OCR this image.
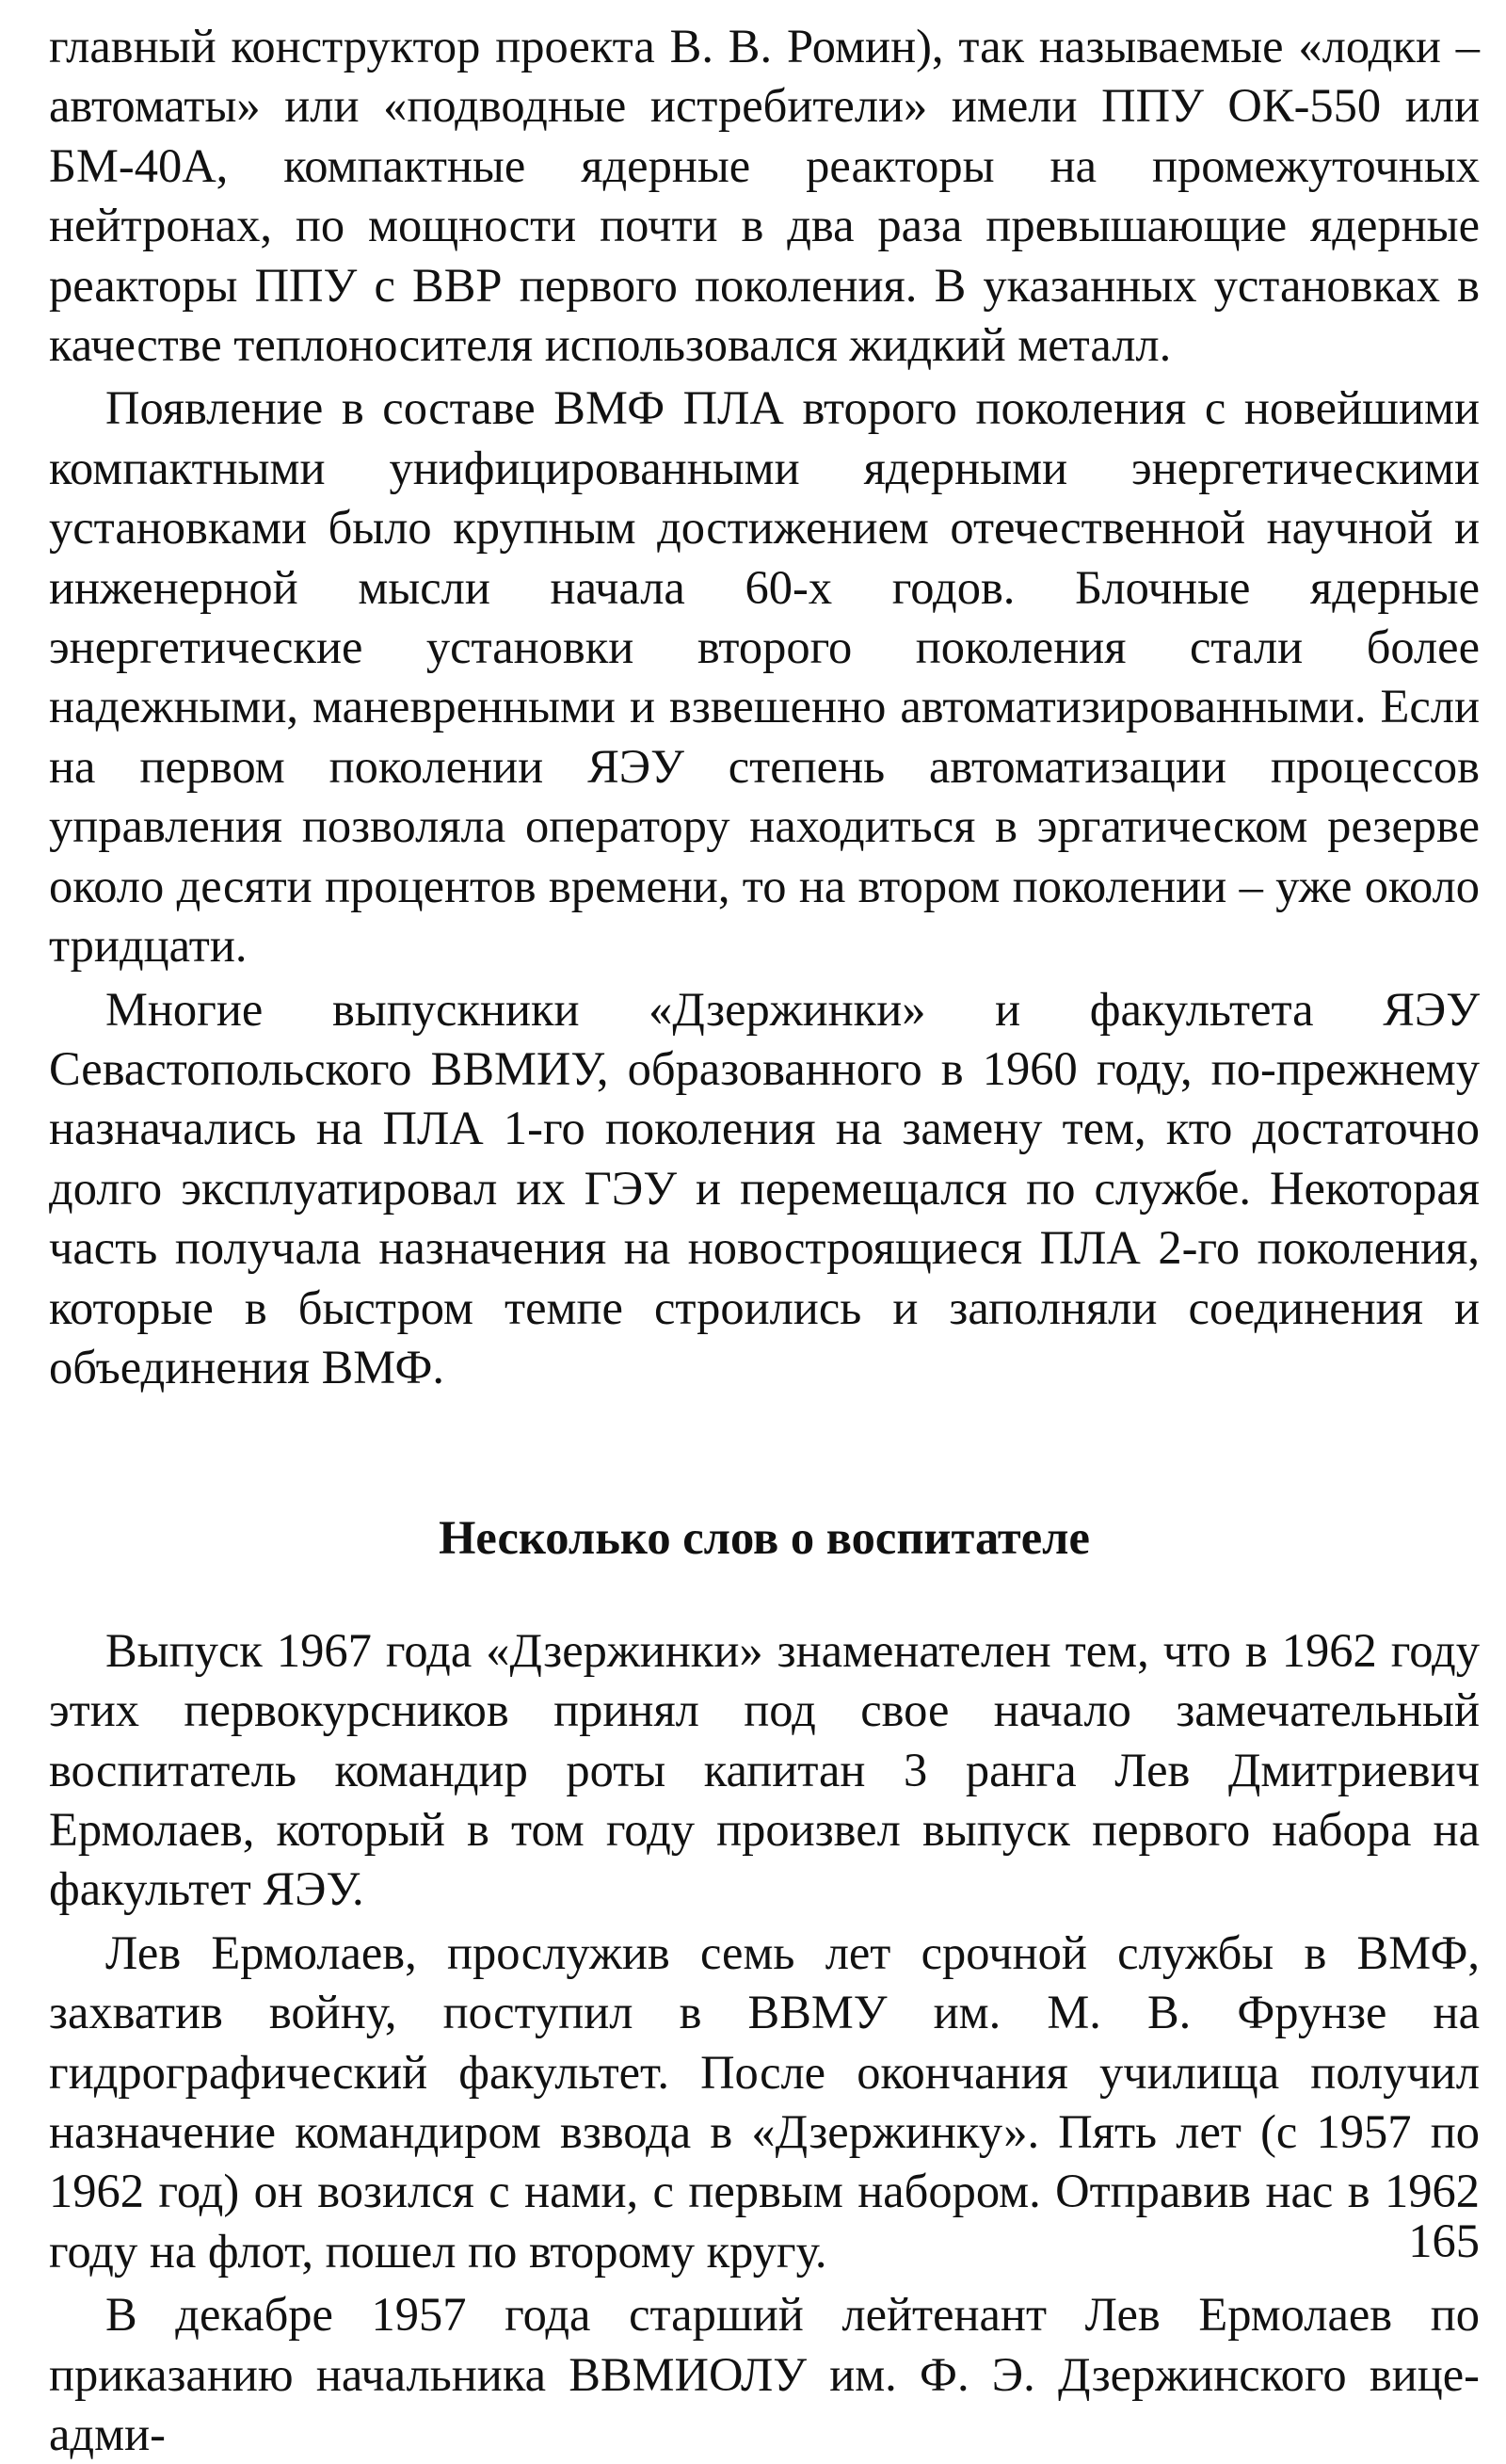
главный конструктор проекта В. В. Ромин), так называемые «лодки – автоматы» или «подводные истребители» имели ППУ ОК-550 или БМ-40А, компактные ядерные реакторы на промежуточных нейтронах, по мощности почти в два раза превышающие ядерные реакторы ППУ с ВВР первого поколения. В указанных установках в качестве теплоносителя использовался жидкий металл.

Появление в составе ВМФ ПЛА второго поколения с новейшими компактными унифицированными ядерными энергетическими установками было крупным достижением отечественной научной и инженерной мысли начала 60-х годов. Блочные ядерные энергетические установки второго поколения стали более надежными, маневренными и взвешенно автоматизированными. Если на первом поколении ЯЭУ степень автоматизации процессов управления позволяла оператору находиться в эргатическом резерве около десяти процентов времени, то на втором поколении – уже около тридцати.

Многие выпускники «Дзержинки» и факультета ЯЭУ Севастопольского ВВМИУ, образованного в 1960 году, по-прежнему назначались на ПЛА 1-го поколения на замену тем, кто достаточно долго эксплуатировал их ГЭУ и перемещался по службе. Некоторая часть получала назначения на новостроящиеся ПЛА 2-го поколения, которые в быстром темпе строились и заполняли соединения и объединения ВМФ.

Несколько слов о воспитателе

Выпуск 1967 года «Дзержинки» знаменателен тем, что в 1962 году этих первокурсников принял под свое начало замечательный воспитатель командир роты капитан 3 ранга Лев Дмитриевич Ермолаев, который в том году произвел выпуск первого набора на факультет ЯЭУ.

Лев Ермолаев, прослужив семь лет срочной службы в ВМФ, захватив войну, поступил в ВВМУ им. М. В. Фрунзе на гидрографический факультет. После окончания училища получил назначение командиром взвода в «Дзержинку». Пять лет (с 1957 по 1962 год) он возился с нами, с первым набором. Отправив нас в 1962 году на флот, пошел по второму кругу.

В декабре 1957 года старший лейтенант Лев Ермолаев по приказанию начальника ВВМИОЛУ им. Ф. Э. Дзержинского вице-адми-

165
